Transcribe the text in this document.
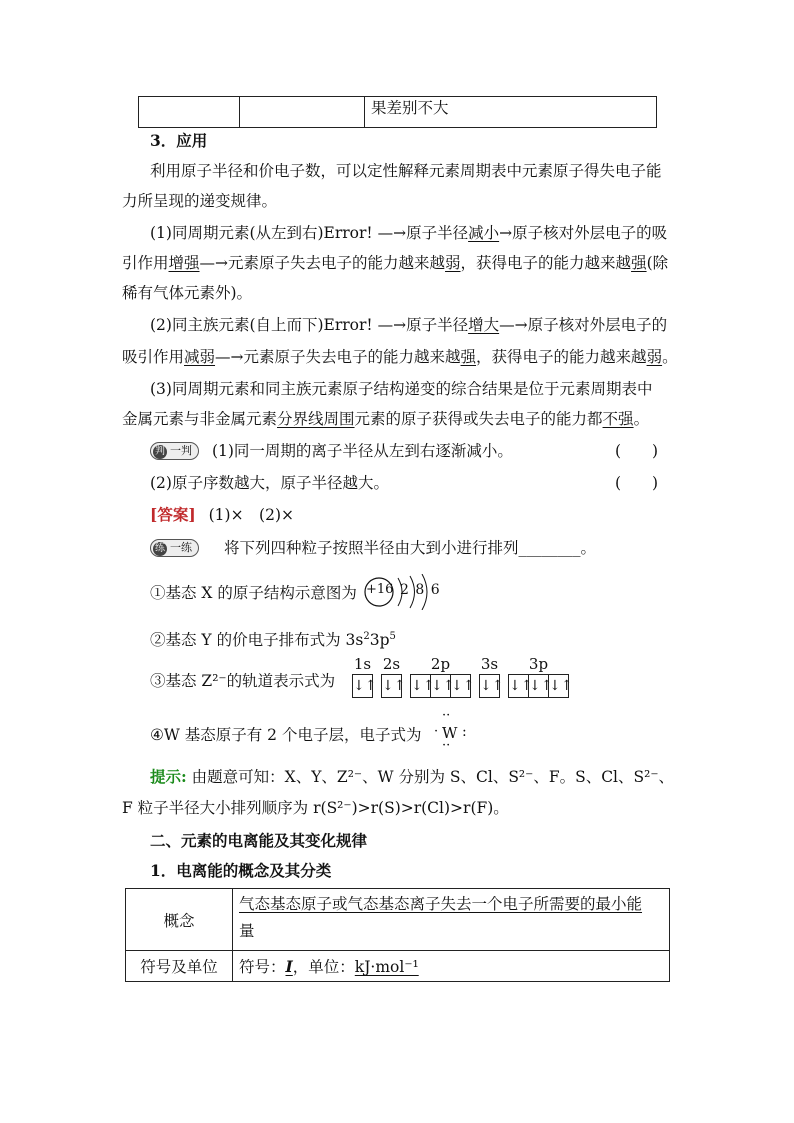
		果差别不大
3．应用
利用原子半径和价电子数，可以定性解释元素周期表中元素原子得失电子能
力所呈现的递变规律。
(1)同周期元素(从左到右)Error! —→原子半径减小→原子核对外层电子的吸
引作用增强—→元素原子失去电子的能力越来越弱，获得电子的能力越来越强(除
稀有气体元素外)。
(2)同主族元素(自上而下)Error! —→原子半径增大—→原子核对外层电子的
吸引作用减弱—→元素原子失去电子的能力越来越强，获得电子的能力越来越弱。
(3)同周期元素和同主族元素原子结构递变的综合结果是位于元素周期表中
金属元素与非金属元素分界线周围元素的原子获得或失去电子的能力都不强。
判 一判 (1)同一周期的离子半径从左到右逐渐减小。	(　　)
(2)原子序数越大，原子半径越大。	(　　)
[答案] (1)×　(2)×
练 一练 将下列四种粒子按照半径由大到小进行排列________。
①基态 X 的原子结构示意图为 +16 2 8 6
②基态 Y 的价电子排布式为 $3s^23p^5$
③基态 Z²⁻的轨道表示式为
1s
↓↑
2s
↓↑
2p
↓↑↓↑↓↑
3s
↓↑
3p
↓↑↓↑↓↑
④W 基态原子有 2 个电子层，电子式为
··
· W :
··
提示: 由题意可知：X、Y、Z²⁻、W 分别为 S、Cl、S²⁻、F。S、Cl、S²⁻、
F 粒子半径大小排列顺序为 r(S²⁻)>r(S)>r(Cl)>r(F)。
二、元素的电离能及其变化规律
1．电离能的概念及其分类
概念	气态基态原子或气态基态离子失去一个电子所需要的最小能
量
符号及单位	符号：I，单位：kJ·mol⁻¹
